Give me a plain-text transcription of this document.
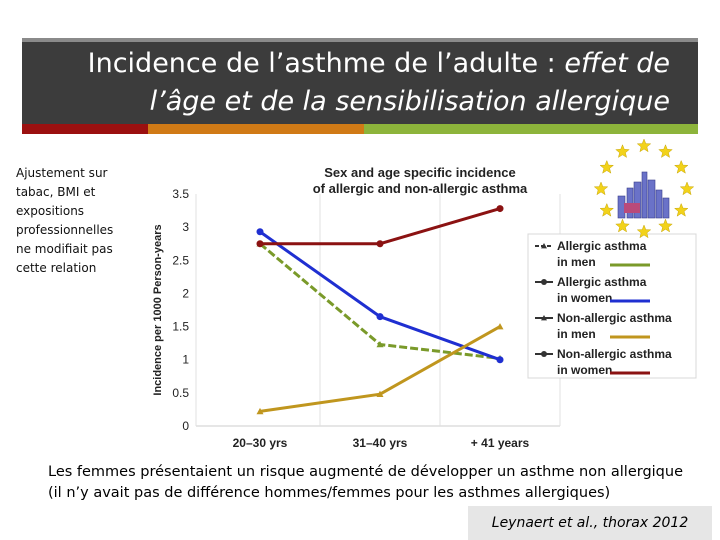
Incidence de l’asthme de l’adulte : effet de
l’âge et de la sensibilisation allergique
Ajustement sur tabac, BMI et expositions professionnelles ne modifiait pas cette relation
Sex and age specific incidence
of allergic and non-allergic asthma
Incidence per 1000 Person-years
0
0.5
1
1.5
2
2.5
3
3.5
20–30 yrs	31–40 yrs	+ 41 years
Allergic asthma
in men
Allergic asthma
in women
Non-allergic asthma
in men
Non-allergic asthma
in women
Les femmes présentaient un risque augmenté de développer un asthme non allergique
(il n’y avait pas de différence hommes/femmes pour les asthmes allergiques)
Leynaert et al., thorax 2012
